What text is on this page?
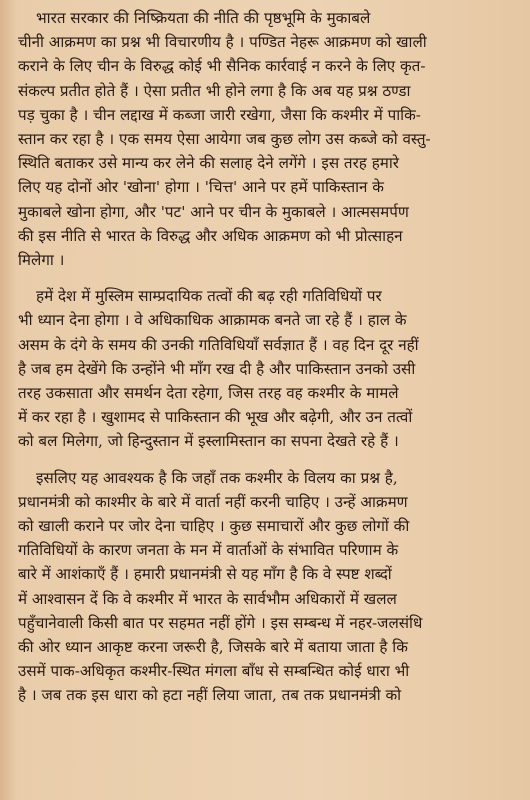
भारत सरकार की निष्क्रियता की नीति की पृष्ठभूमि के मुकाबले
चीनी आक्रमण का प्रश्न भी विचारणीय है । पण्डित नेहरू आक्रमण को खाली
कराने के लिए चीन के विरुद्ध कोई भी सैनिक कार्रवाई न करने के लिए कृत-
संकल्प प्रतीत होते हैं । ऐसा प्रतीत भी होने लगा है कि अब यह प्रश्न ठण्डा
पड़ चुका है । चीन लद्दाख में कब्जा जारी रखेगा, जैसा कि कश्मीर में पाकि-
स्तान कर रहा है । एक समय ऐसा आयेगा जब कुछ लोग उस कब्जे को वस्तु-
स्थिति बताकर उसे मान्य कर लेने की सलाह देने लगेंगे । इस तरह हमारे
लिए यह दोनों ओर 'खोना' होगा । 'चित्त' आने पर हमें पाकिस्तान के
मुकाबले खोना होगा, और 'पट' आने पर चीन के मुकाबले । आत्मसमर्पण
की इस नीति से भारत के विरुद्ध और अधिक आक्रमण को भी प्रोत्साहन
मिलेगा ।
हमें देश में मुस्लिम साम्प्रदायिक तत्वों की बढ़ रही गतिविधियों पर
भी ध्यान देना होगा । वे अधिकाधिक आक्रामक बनते जा रहे हैं । हाल के
असम के दंगे के समय की उनकी गतिविधियाँ सर्वज्ञात हैं । वह दिन दूर नहीं
है जब हम देखेंगे कि उन्होंने भी माँग रख दी है और पाकिस्तान उनको उसी
तरह उकसाता और समर्थन देता रहेगा, जिस तरह वह कश्मीर के मामले
में कर रहा है । खुशामद से पाकिस्तान की भूख और बढ़ेगी, और उन तत्वों
को बल मिलेगा, जो हिन्दुस्तान में इस्लामिस्तान का सपना देखते रहे हैं ।
इसलिए यह आवश्यक है कि जहाँ तक कश्मीर के विलय का प्रश्न है,
प्रधानमंत्री को काश्मीर के बारे में वार्ता नहीं करनी चाहिए । उन्हें आक्रमण
को खाली कराने पर जोर देना चाहिए । कुछ समाचारों और कुछ लोगों की
गतिविधियों के कारण जनता के मन में वार्ताओं के संभावित परिणाम के
बारे में आशंकाएँ हैं । हमारी प्रधानमंत्री से यह माँग है कि वे स्पष्ट शब्दों
में आश्वासन दें कि वे कश्मीर में भारत के सार्वभौम अधिकारों में खलल
पहुँचानेवाली किसी बात पर सहमत नहीं होंगे । इस सम्बन्ध में नहर-जलसंधि
की ओर ध्यान आकृष्ट करना जरूरी है, जिसके बारे में बताया जाता है कि
उसमें पाक-अधिकृत कश्मीर-स्थित मंगला बाँध से सम्बन्धित कोई धारा भी
है । जब तक इस धारा को हटा नहीं लिया जाता, तब तक प्रधानमंत्री को
